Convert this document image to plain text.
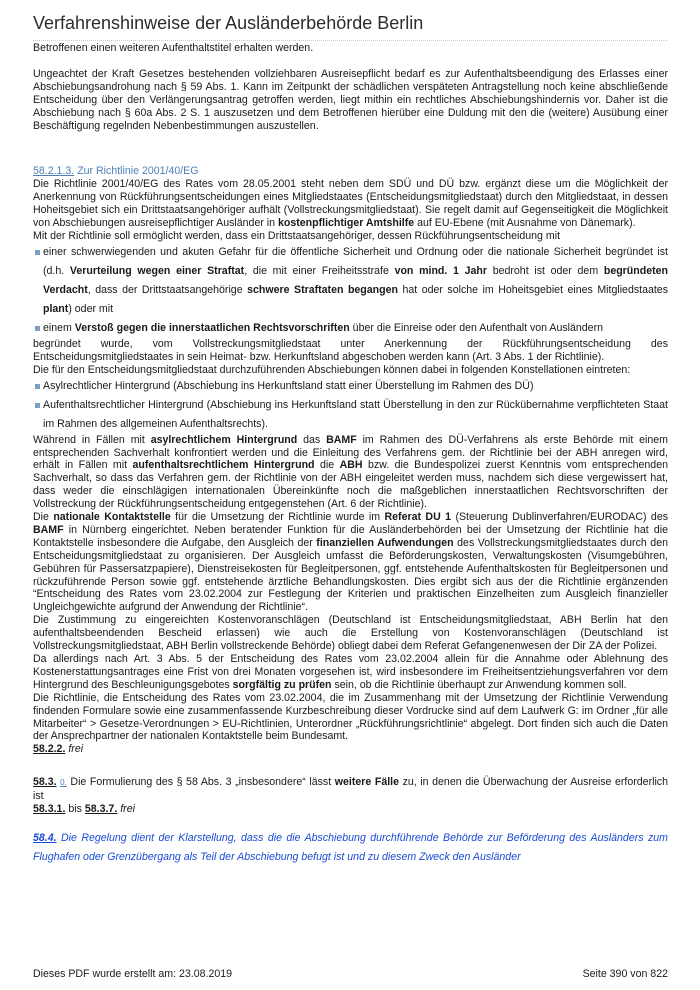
Verfahrenshinweise der Ausländerbehörde Berlin

Betroffenen einen weiteren Aufenthaltstitel erhalten werden.

Ungeachtet der Kraft Gesetzes bestehenden vollziehbaren Ausreisepflicht bedarf es zur Aufenthaltsbeendigung des Erlasses einer Abschiebungsandrohung nach § 59 Abs. 1. Kann im Zeitpunkt der schädlichen verspäteten Antragstellung noch keine abschließende Entscheidung über den Verlängerungsantrag getroffen werden, liegt mithin ein rechtliches Abschiebungshindernis vor. Daher ist die Abschiebung nach § 60a Abs. 2 S. 1 auszusetzen und dem Betroffenen hierüber eine Duldung mit den die (weitere) Ausübung einer Beschäftigung regelnden Nebenbestimmungen auszustellen.

58.2.1.3. Zur Richtlinie 2001/40/EG

Die Richtlinie 2001/40/EG des Rates vom 28.05.2001 steht neben dem SDÜ und DÜ bzw. ergänzt diese um die Möglichkeit der Anerkennung von Rückführungsentscheidungen eines Mitgliedstaates (Entscheidungsmitgliedstaat) durch den Mitgliedstaat, in dessen Hoheitsgebiet sich ein Drittstaatsangehöriger aufhält (Vollstreckungsmitgliedstaat). Sie regelt damit auf Gegenseitigkeit die Möglichkeit von Abschiebungen ausreisepflichtiger Ausländer in kostenpflichtiger Amtshilfe auf EU-Ebene (mit Ausnahme von Dänemark).

Mit der Richtlinie soll ermöglicht werden, dass ein Drittstaatsangehöriger, dessen Rückführungsentscheidung mit

einer schwerwiegenden und akuten Gefahr für die öffentliche Sicherheit und Ordnung oder die nationale Sicherheit begründet ist (d.h. Verurteilung wegen einer Straftat, die mit einer Freiheitsstrafe von mind. 1 Jahr bedroht ist oder dem begründeten Verdacht, dass der Drittstaatsangehörige schwere Straftaten begangen hat oder solche im Hoheitsgebiet eines Mitgliedstaates plant) oder mit
einem Verstoß gegen die innerstaatlichen Rechtsvorschriften über die Einreise oder den Aufenthalt von Ausländern

begründet wurde, vom Vollstreckungsmitgliedstaat unter Anerkennung der Rückführungsentscheidung des Entscheidungsmitgliedstaates in sein Heimat- bzw. Herkunftsland abgeschoben werden kann (Art. 3 Abs. 1 der Richtlinie).

Die für den Entscheidungsmitgliedstaat durchzuführenden Abschiebungen können dabei in folgenden Konstellationen eintreten:

Asylrechtlicher Hintergrund (Abschiebung ins Herkunftsland statt einer Überstellung im Rahmen des DÜ)
Aufenthaltsrechtlicher Hintergrund (Abschiebung ins Herkunftsland statt Überstellung in den zur Rückübernahme verpflichteten Staat im Rahmen des allgemeinen Aufenthaltsrechts).

Während in Fällen mit asylrechtlichem Hintergrund das BAMF im Rahmen des DÜ-Verfahrens als erste Behörde mit einem entsprechenden Sachverhalt konfrontiert werden und die Einleitung des Verfahrens gem. der Richtlinie bei der ABH anregen wird, erhält in Fällen mit aufenthaltsrechtlichem Hintergrund die ABH bzw. die Bundespolizei zuerst Kenntnis vom entsprechenden Sachverhalt, so dass das Verfahren gem. der Richtlinie von der ABH eingeleitet werden muss, nachdem sich diese vergewissert hat, dass weder die einschlägigen internationalen Übereinkünfte noch die maßgeblichen innerstaatlichen Rechtsvorschriften der Vollstreckung der Rückführungsentscheidung entgegenstehen (Art. 6 der Richtlinie).

Die nationale Kontaktstelle für die Umsetzung der Richtlinie wurde im Referat DU 1 (Steuerung Dublinverfahren/EURODAC) des BAMF in Nürnberg eingerichtet. Neben beratender Funktion für die Ausländerbehörden bei der Umsetzung der Richtlinie hat die Kontaktstelle insbesondere die Aufgabe, den Ausgleich der finanziellen Aufwendungen des Vollstreckungsmitgliedstaates durch den Entscheidungsmitgliedstaat zu organisieren. Der Ausgleich umfasst die Beförderungskosten, Verwaltungskosten (Visumgebühren, Gebühren für Passersatzpapiere), Dienstreisekosten für Begleitpersonen, ggf. entstehende Aufenthaltskosten für Begleitpersonen und rückzuführende Person sowie ggf. entstehende ärztliche Behandlungskosten. Dies ergibt sich aus der die Richtlinie ergänzenden “Entscheidung des Rates vom 23.02.2004 zur Festlegung der Kriterien und praktischen Einzelheiten zum Ausgleich finanzieller Ungleichgewichte aufgrund der Anwendung der Richtlinie“.

Die Zustimmung zu eingereichten Kostenvoranschlägen (Deutschland ist Entscheidungsmitgliedstaat, ABH Berlin hat den aufenthaltsbeendenden Bescheid erlassen) wie auch die Erstellung von Kostenvoranschlägen (Deutschland ist Vollstreckungsmitgliedstaat, ABH Berlin vollstreckende Behörde) obliegt dabei dem Referat Gefangenenwesen der Dir ZA der Polizei.

Da allerdings nach Art. 3 Abs. 5 der Entscheidung des Rates vom 23.02.2004 allein für die Annahme oder Ablehnung des Kostenerstattungsantrages eine Frist von drei Monaten vorgesehen ist, wird insbesondere im Freiheitsentziehungsverfahren vor dem Hintergrund des Beschleunigungsgebotes sorgfältig zu prüfen sein, ob die Richtlinie überhaupt zur Anwendung kommen soll.

Die Richtlinie, die Entscheidung des Rates vom 23.02.2004, die im Zusammenhang mit der Umsetzung der Richtlinie Verwendung findenden Formulare sowie eine zusammenfassende Kurzbeschreibung dieser Vordrucke sind auf dem Laufwerk G: im Ordner „für alle Mitarbeiter“ > Gesetze-Verordnungen > EU-Richtlinien, Unterordner „Rückführungsrichtlinie“ abgelegt. Dort finden sich auch die Daten der Ansprechpartner der nationalen Kontaktstelle beim Bundesamt.

58.2.2. frei

58.3. 0. Die Formulierung des § 58 Abs. 3 „insbesondere“ lässt weitere Fälle zu, in denen die Überwachung der Ausreise erforderlich ist

58.3.1. bis 58.3.7. frei

58.4. Die Regelung dient der Klarstellung, dass die die Abschiebung durchführende Behörde zur Beförderung des Ausländers zum Flughafen oder Grenzübergang als Teil der Abschiebung befugt ist und zu diesem Zweck den Ausländer

Dieses PDF wurde erstellt am: 23.08.2019	Seite 390 von 822
